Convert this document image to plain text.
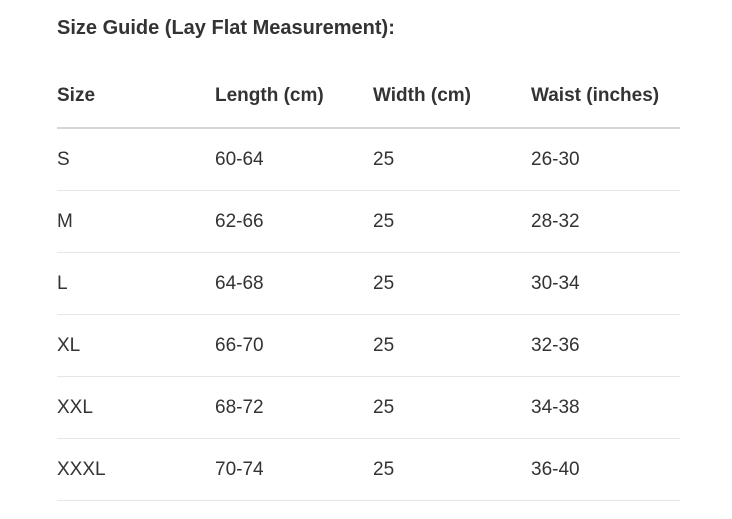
Size Guide (Lay Flat Measurement):
Size	Length (cm)	Width (cm)	Waist (inches)
S	60-64	25	26-30
M	62-66	25	28-32
L	64-68	25	30-34
XL	66-70	25	32-36
XXL	68-72	25	34-38
XXXL	70-74	25	36-40
